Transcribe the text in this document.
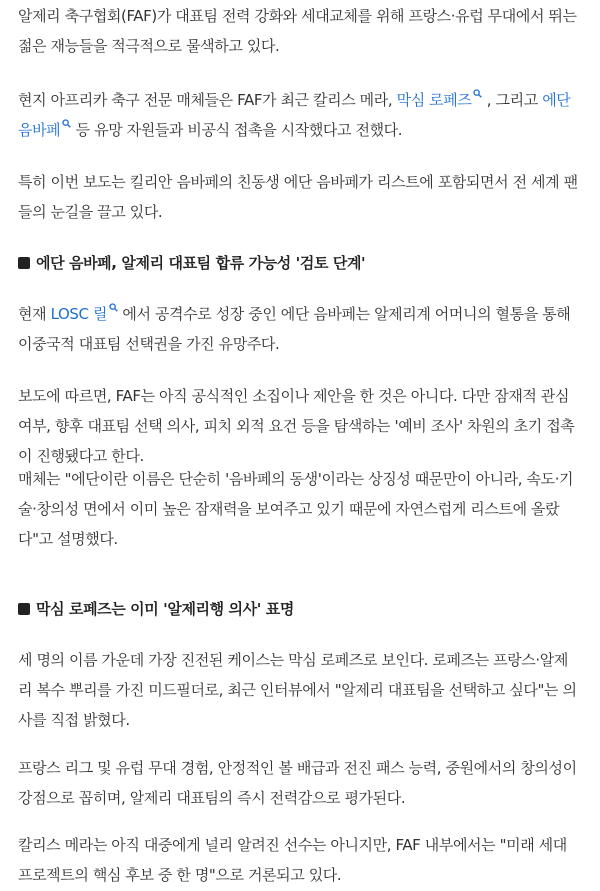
알제리 축구협회(FAF)가 대표팀 전력 강화와 세대교체를 위해 프랑스·유럽 무대에서 뛰는
젊은 재능들을 적극적으로 물색하고 있다.

현지 아프리카 축구 전문 매체들은 FAF가 최근 칼리스 메라, 막심 로페즈
, 그리고 에단
음바페
등 유망 자원들과 비공식 접촉을 시작했다고 전했다.

특히 이번 보도는 킬리안 음바페의 친동생 에단 음바페가 리스트에 포함되면서 전 세계 팬
들의 눈길을 끌고 있다.

에단 음바페, 알제리 대표팀 합류 가능성 '검토 단계'

현재 LOSC 릴
에서 공격수로 성장 중인 에단 음바페는 알제리계 어머니의 혈통을 통해
이중국적 대표팀 선택권을 가진 유망주다.

보도에 따르면, FAF는 아직 공식적인 소집이나 제안을 한 것은 아니다. 다만 잠재적 관심
여부, 향후 대표팀 선택 의사, 피치 외적 요건 등을 탐색하는 '예비 조사' 차원의 초기 접촉
이 진행됐다고 한다.

매체는 "에단이란 이름은 단순히 '음바페의 동생'이라는 상징성 때문만이 아니라, 속도·기
술·창의성 면에서 이미 높은 잠재력을 보여주고 있기 때문에 자연스럽게 리스트에 올랐
다"고 설명했다.

막심 로페즈는 이미 '알제리행 의사' 표명

세 명의 이름 가운데 가장 진전된 케이스는 막심 로페즈로 보인다. 로페즈는 프랑스·알제
리 복수 뿌리를 가진 미드필더로, 최근 인터뷰에서 "알제리 대표팀을 선택하고 싶다"는 의
사를 직접 밝혔다.

프랑스 리그 및 유럽 무대 경험, 안정적인 볼 배급과 전진 패스 능력, 중원에서의 창의성이
강점으로 꼽히며, 알제리 대표팀의 즉시 전력감으로 평가된다.

칼리스 메라는 아직 대중에게 널리 알려진 선수는 아니지만, FAF 내부에서는 "미래 세대
프로젝트의 핵심 후보 중 한 명"으로 거론되고 있다.
